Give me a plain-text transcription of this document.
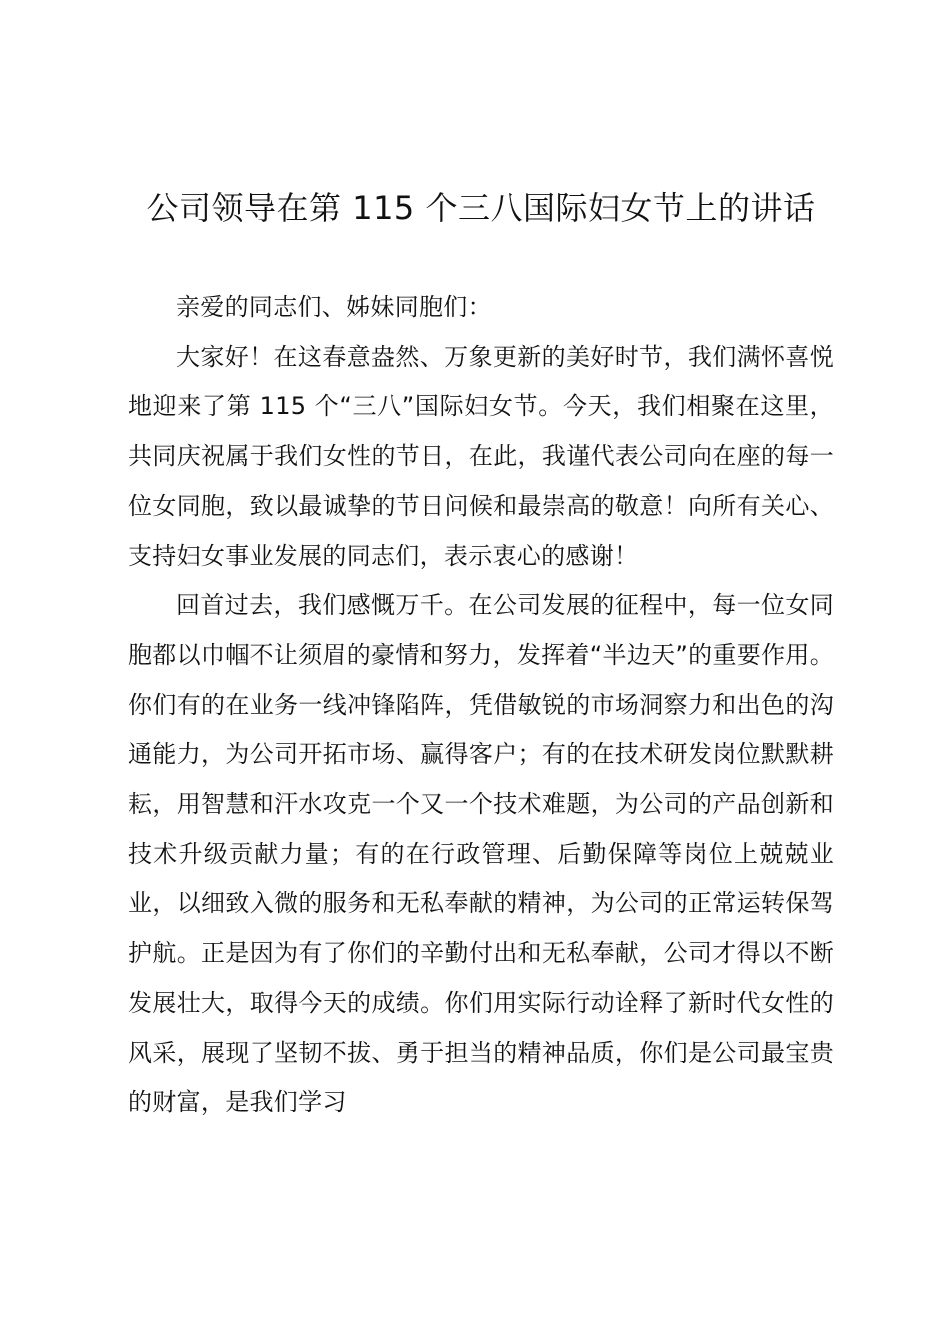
公司领导在第 115 个三八国际妇女节上的讲话

亲爱的同志们、姊妹同胞们：

大家好！在这春意盎然、万象更新的美好时节，我们满怀喜悦地迎来了第 115 个“三八”国际妇女节。今天，我们相聚在这里，共同庆祝属于我们女性的节日，在此，我谨代表公司向在座的每一位女同胞，致以最诚挚的节日问候和最崇高的敬意！向所有关心、支持妇女事业发展的同志们，表示衷心的感谢！

回首过去，我们感慨万千。在公司发展的征程中，每一位女同胞都以巾帼不让须眉的豪情和努力，发挥着“半边天”的重要作用。你们有的在业务一线冲锋陷阵，凭借敏锐的市场洞察力和出色的沟通能力，为公司开拓市场、赢得客户；有的在技术研发岗位默默耕耘，用智慧和汗水攻克一个又一个技术难题，为公司的产品创新和技术升级贡献力量；有的在行政管理、后勤保障等岗位上兢兢业业，以细致入微的服务和无私奉献的精神，为公司的正常运转保驾护航。正是因为有了你们的辛勤付出和无私奉献，公司才得以不断发展壮大，取得今天的成绩。你们用实际行动诠释了新时代女性的风采，展现了坚韧不拔、勇于担当的精神品质，你们是公司最宝贵的财富，是我们学习
